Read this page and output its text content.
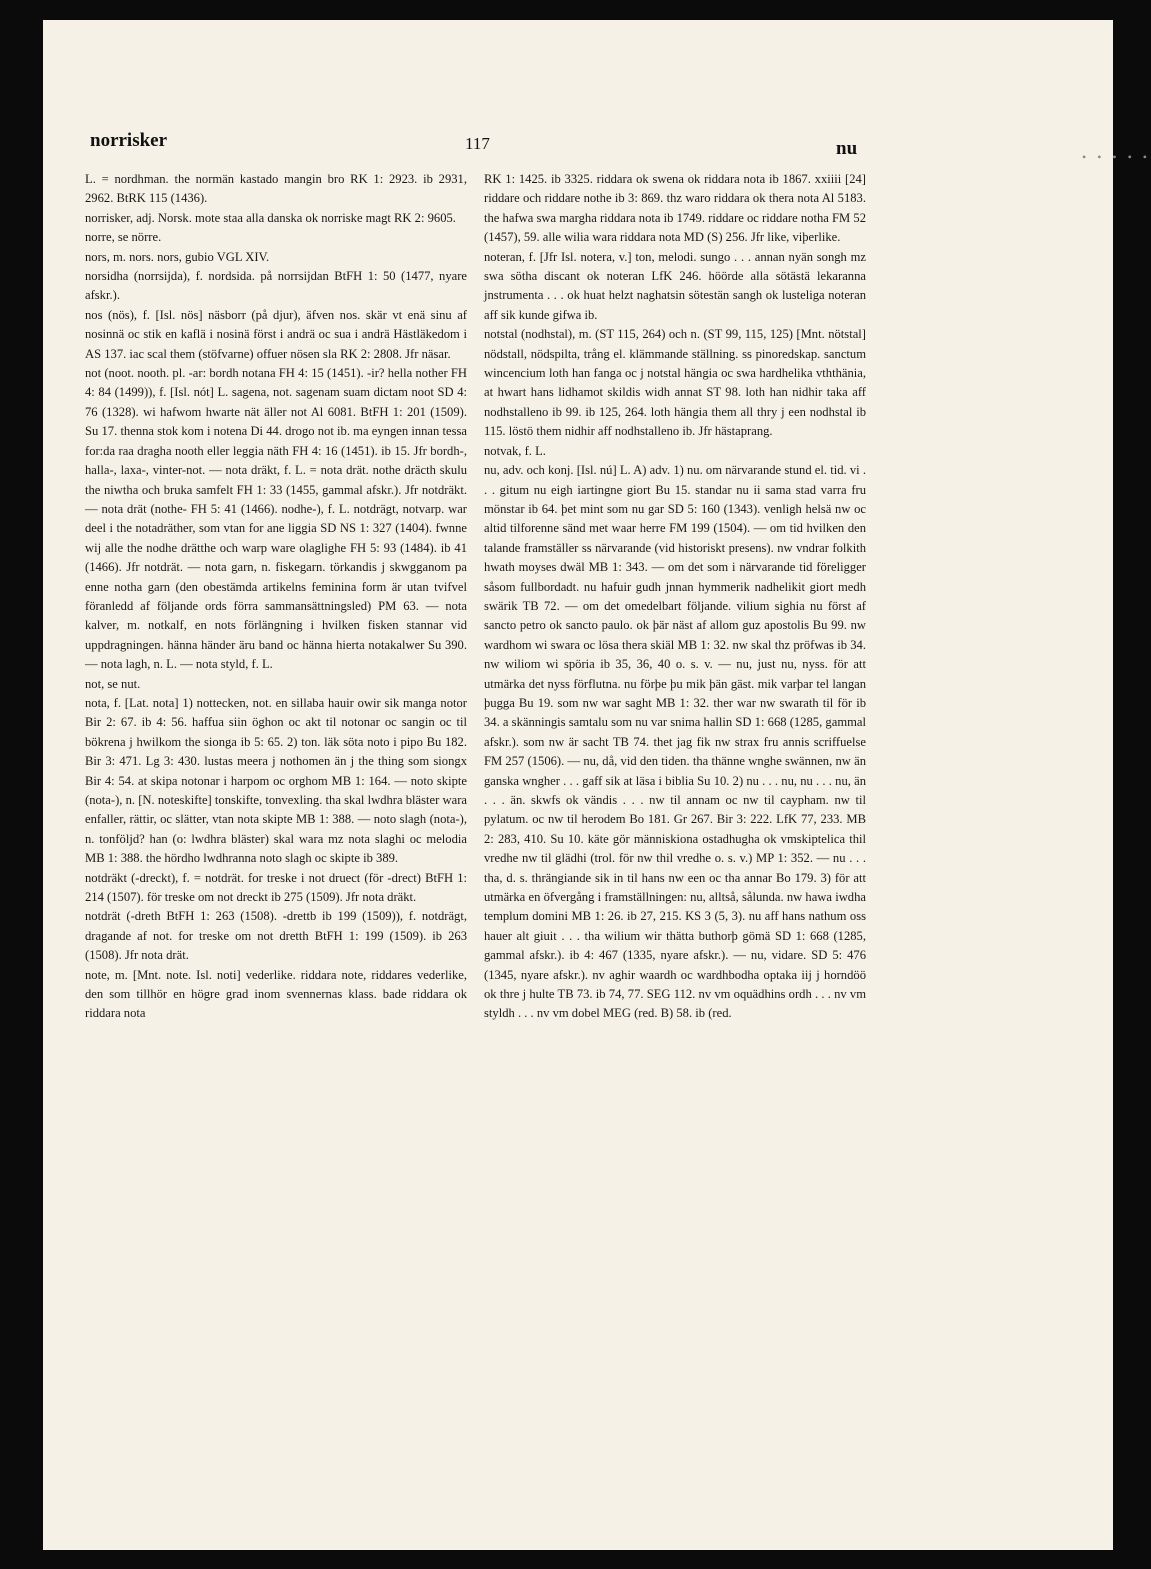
• • • • •
norrisker	117	nu

L. = nordhman. the normän kastado mangin bro RK 1: 2923. ib 2931, 2962. BtRK 115 (1436).

norrisker, adj. Norsk. mote staa alla danska ok norriske magt RK 2: 9605.

norre, se nörre.

nors, m. nors. nors, gubio VGL XIV.

norsidha (norrsijda), f. nordsida. på norrsijdan BtFH 1: 50 (1477, nyare afskr.).

nos (nös), f. [Isl. nös] näsborr (på djur), äfven nos. skär vt enä sinu af nosinnä oc stik en kaflä i nosinä först i andrä oc sua i andrä Hästläkedom i AS 137. iac scal them (stöfvarne) offuer nösen sla RK 2: 2808. Jfr näsar.

not (noot. nooth. pl. -ar: bordh notana FH 4: 15 (1451). -ir? hella nother FH 4: 84 (1499)), f. [Isl. nót] L. sagena, not. sagenam suam dictam noot SD 4: 76 (1328). wi hafwom hwarte nät äller not Al 6081. BtFH 1: 201 (1509). Su 17. thenna stok kom i notena Di 44. drogo not ib. ma eyngen innan tessa for:da raa dragha nooth eller leggia näth FH 4: 16 (1451). ib 15. Jfr bordh-, halla-, laxa-, vinter-not. — nota dräkt, f. L. = nota drät. nothe dräcth skulu the niwtha och bruka samfelt FH 1: 33 (1455, gammal afskr.). Jfr notdräkt. — nota drät (nothe- FH 5: 41 (1466). nodhe-), f. L. notdrägt, notvarp. war deel i the notadräther, som vtan for ane liggia SD NS 1: 327 (1404). fwnne wij alle the nodhe drätthe och warp ware olaglighe FH 5: 93 (1484). ib 41 (1466). Jfr notdrät. — nota garn, n. fiskegarn. törkandis j skwgganom pa enne notha garn (den obestämda artikelns feminina form är utan tvifvel föranledd af följande ords förra sammansättningsled) PM 63. — nota kalver, m. notkalf, en nots förlängning i hvilken fisken stannar vid uppdragningen. hänna händer äru band oc hänna hierta notakalwer Su 390. — nota lagh, n. L. — nota styld, f. L.

not, se nut.

nota, f. [Lat. nota] 1) nottecken, not. en sillaba hauir owir sik manga notor Bir 2: 67. ib 4: 56. haffua siin öghon oc akt til notonar oc sangin oc til bökrena j hwilkom the sionga ib 5: 65. 2) ton. läk söta noto i pipo Bu 182. Bir 3: 471. Lg 3: 430. lustas meera j nothomen än j the thing som siongx Bir 4: 54. at skipa notonar i harpom oc orghom MB 1: 164. — noto skipte (nota-), n. [N. noteskifte] tonskifte, tonvexling. tha skal lwdhra bläster wara enfaller, rättir, oc slätter, vtan nota skipte MB 1: 388. — noto slagh (nota-), n. tonföljd? han (o: lwdhra bläster) skal wara mz nota slaghi oc melodia MB 1: 388. the hördho lwdhranna noto slagh oc skipte ib 389.

notdräkt (-dreckt), f. = notdrät. for treske i not druect (för -drect) BtFH 1: 214 (1507). för treske om not dreckt ib 275 (1509). Jfr nota dräkt.

notdrät (-dreth BtFH 1: 263 (1508). -drettb ib 199 (1509)), f. notdrägt, dragande af not. for treske om not dretth BtFH 1: 199 (1509). ib 263 (1508). Jfr nota drät.

note, m. [Mnt. note. Isl. noti] vederlike. riddara note, riddares vederlike, den som tillhör en högre grad inom svennernas klass. bade riddara ok riddara nota

RK 1: 1425. ib 3325. riddara ok swena ok riddara nota ib 1867. xxiiii [24] riddare och riddare nothe ib 3: 869. thz waro riddara ok thera nota Al 5183. the hafwa swa margha riddara nota ib 1749. riddare oc riddare notha FM 52 (1457), 59. alle wilia wara riddara nota MD (S) 256. Jfr like, viþerlike.

noteran, f. [Jfr Isl. notera, v.] ton, melodi. sungo . . . annan nyän songh mz swa sötha discant ok noteran LfK 246. höörde alla sötästä lekaranna jnstrumenta . . . ok huat helzt naghatsin sötestän sangh ok lusteliga noteran aff sik kunde gifwa ib.

notstal (nodhstal), m. (ST 115, 264) och n. (ST 99, 115, 125) [Mnt. nötstal] nödstall, nödspilta, trång el. klämmande ställning. ss pinoredskap. sanctum wincencium loth han fanga oc j notstal hängia oc swa hardhelika vththänia, at hwart hans lidhamot skildis widh annat ST 98. loth han nidhir taka aff nodhstalleno ib 99. ib 125, 264. loth hängia them all thry j een nodhstal ib 115. löstö them nidhir aff nodhstalleno ib. Jfr hästaprang.

notvak, f. L.

nu, adv. och konj. [Isl. nú] L. A) adv. 1) nu. om närvarande stund el. tid. vi . . . gitum nu eigh iartingne giort Bu 15. standar nu ii sama stad varra fru mönstar ib 64. þet mint som nu gar SD 5: 160 (1343). venligh helsä nw oc altid tilforenne sänd met waar herre FM 199 (1504). — om tid hvilken den talande framställer ss närvarande (vid historiskt presens). nw vndrar folkith hwath moyses dwäl MB 1: 343. — om det som i närvarande tid föreligger såsom fullbordadt. nu hafuir gudh jnnan hymmerik nadhelikit giort medh swärik TB 72. — om det omedelbart följande. vilium sighia nu först af sancto petro ok sancto paulo. ok þär näst af allom guz apostolis Bu 99. nw wardhom wi swara oc lösa thera skiäl MB 1: 32. nw skal thz pröfwas ib 34. nw wiliom wi spöria ib 35, 36, 40 o. s. v. — nu, just nu, nyss. för att utmärka det nyss förflutna. nu förþe þu mik þän gäst. mik varþar tel langan þugga Bu 19. som nw war saght MB 1: 32. ther war nw swarath til för ib 34. a skänningis samtalu som nu var snima hallin SD 1: 668 (1285, gammal afskr.). som nw är sacht TB 74. thet jag fik nw strax fru annis scriffuelse FM 257 (1506). — nu, då, vid den tiden. tha thänne wnghe swännen, nw än ganska wngher . . . gaff sik at läsa i biblia Su 10. 2) nu . . . nu, nu . . . nu, än . . . än. skwfs ok vändis . . . nw til annam oc nw til caypham. nw til pylatum. oc nw til herodem Bo 181. Gr 267. Bir 3: 222. LfK 77, 233. MB 2: 283, 410. Su 10. käte gör människiona ostadhugha ok vmskiptelica thil vredhe nw til glädhi (trol. för nw thil vredhe o. s. v.) MP 1: 352. — nu . . . tha, d. s. thrängiande sik in til hans nw een oc tha annar Bo 179. 3) för att utmärka en öfvergång i framställningen: nu, alltså, sålunda. nw hawa iwdha templum domini MB 1: 26. ib 27, 215. KS 3 (5, 3). nu aff hans nathum oss hauer alt giuit . . . tha wilium wir thätta buthorþ gömä SD 1: 668 (1285, gammal afskr.). ib 4: 467 (1335, nyare afskr.). — nu, vidare. SD 5: 476 (1345, nyare afskr.). nv aghir waardh oc wardhbodha optaka iij j horndöö ok thre j hulte TB 73. ib 74, 77. SEG 112. nv vm oquädhins ordh . . . nv vm styldh . . . nv vm dobel MEG (red. B) 58. ib (red.
